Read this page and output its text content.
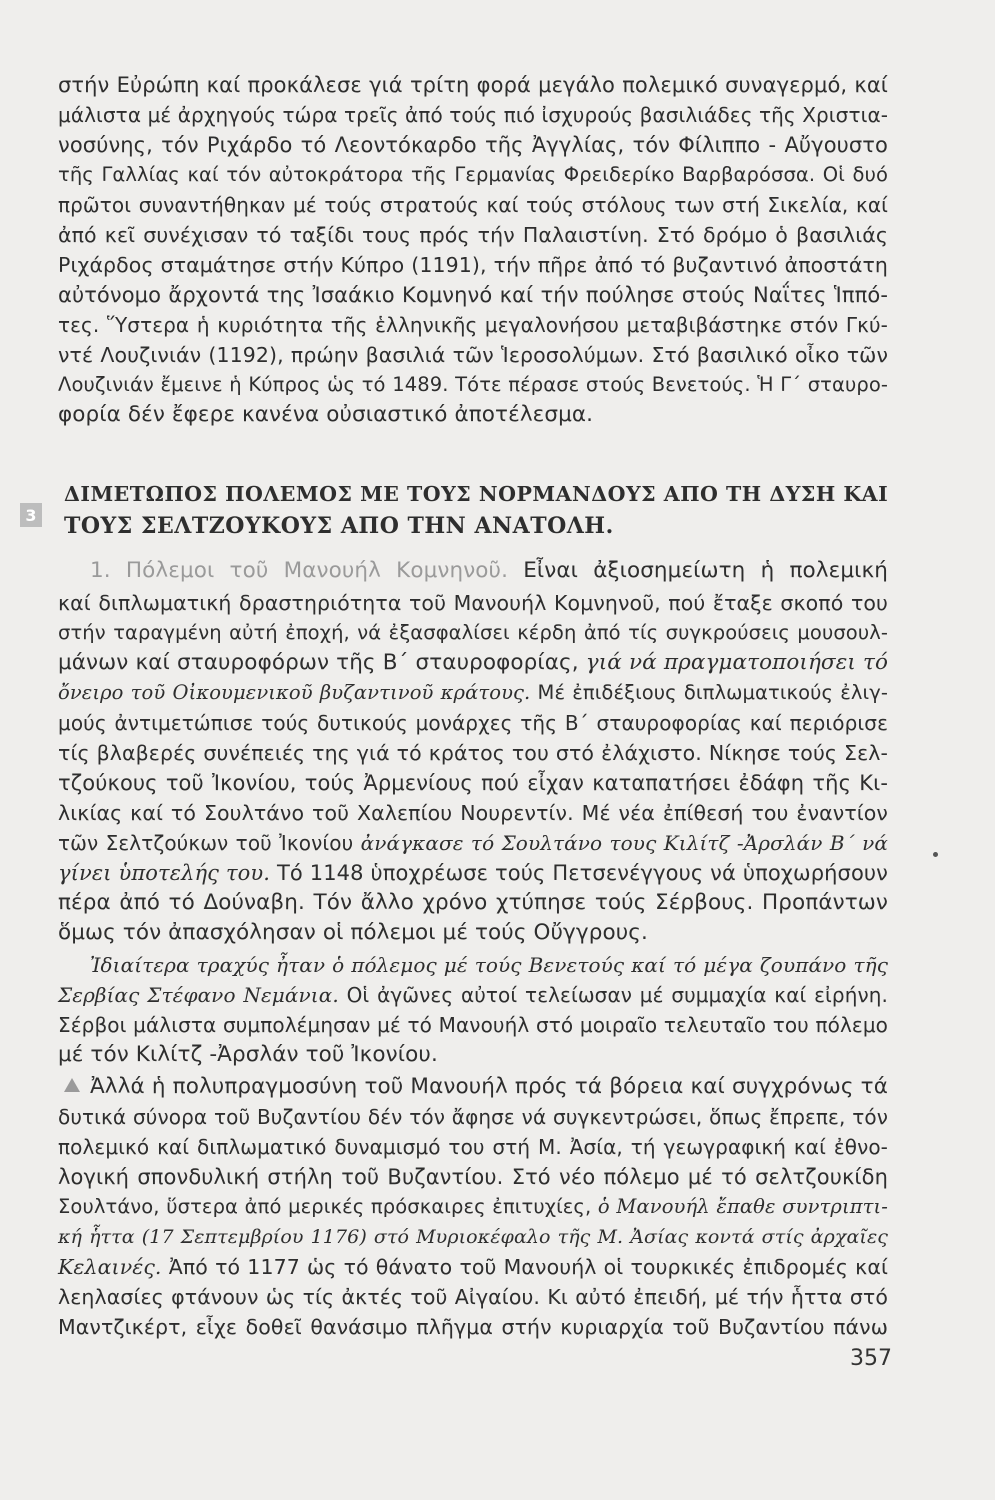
στήν Εὐρώπη καί προκάλεσε γιά τρίτη φορά μεγάλο πολεμικό συναγερμό, καί
μάλιστα μέ ἀρχηγούς τώρα τρεῖς ἀπό τούς πιό ἰσχυρούς βασιλιάδες τῆς Χριστια-
νοσύνης, τόν Ριχάρδο τό Λεοντόκαρδο τῆς Ἀγγλίας, τόν Φίλιππο - Αὔγουστο
τῆς Γαλλίας καί τόν αὐτοκράτορα τῆς Γερμανίας Φρειδερίκο Βαρβαρόσσα. Οἱ δυό
πρῶτοι συναντήθηκαν μέ τούς στρατούς καί τούς στόλους των στή Σικελία, καί
ἀπό κεῖ συνέχισαν τό ταξίδι τους πρός τήν Παλαιστίνη. Στό δρόμο ὁ βασιλιάς
Ριχάρδος σταμάτησε στήν Κύπρο (1191), τήν πῆρε ἀπό τό βυζαντινό ἀποστάτη
αὐτόνομο ἄρχοντά της Ἰσαάκιο Κομνηνό καί τήν πούλησε στούς Ναΐτες Ἱππό-
τες. Ὕστερα ἡ κυριότητα τῆς ἑλληνικῆς μεγαλονήσου μεταβιβάστηκε στόν Γκύ-
ντέ Λουζινιάν (1192), πρώην βασιλιά τῶν Ἱεροσολύμων. Στό βασιλικό οἶκο τῶν
Λουζινιάν ἔμεινε ἡ Κύπρος ὡς τό 1489. Τότε πέρασε στούς Βενετούς. Ἡ Γ΄ σταυρο-
φορία δέν ἔφερε κανένα οὐσιαστικό ἀποτέλεσμα.
3
ΔΙΜΕΤΩΠΟΣ ΠΟΛΕΜΟΣ ΜΕ ΤΟΥΣ ΝΟΡΜΑΝΔΟΥΣ ΑΠΟ ΤΗ ΔΥΣΗ ΚΑΙ
ΤΟΥΣ ΣΕΛΤΖΟΥΚΟΥΣ ΑΠΟ ΤΗΝ ΑΝΑΤΟΛΗ.
1. Πόλεμοι τοῦ Μανουήλ Κομνηνοῦ. Εἶναι ἀξιοσημείωτη ἡ πολεμική
καί διπλωματική δραστηριότητα τοῦ Μανουήλ Κομνηνοῦ, πού ἔταξε σκοπό του
στήν ταραγμένη αὐτή ἐποχή, νά ἐξασφαλίσει κέρδη ἀπό τίς συγκρούσεις μουσουλ-
μάνων καί σταυροφόρων τῆς Β΄ σταυροφορίας, γιά νά πραγματοποιήσει τό
ὄνειρο τοῦ Οἰκουμενικοῦ βυζαντινοῦ κράτους. Μέ ἐπιδέξιους διπλωματικούς ἐλιγ-
μούς ἀντιμετώπισε τούς δυτικούς μονάρχες τῆς Β΄ σταυροφορίας καί περιόρισε
τίς βλαβερές συνέπειές της γιά τό κράτος του στό ἐλάχιστο. Νίκησε τούς Σελ-
τζούκους τοῦ Ἰκονίου, τούς Ἀρμενίους πού εἶχαν καταπατήσει ἐδάφη τῆς Κι-
λικίας καί τό Σουλτάνο τοῦ Χαλεπίου Νουρεντίν. Μέ νέα ἐπίθεσή του ἐναντίον
τῶν Σελτζούκων τοῦ Ἰκονίου ἀνάγκασε τό Σουλτάνο τους Κιλίτζ -Ἀρσλάν Β΄ νά
γίνει ὑποτελής του. Τό 1148 ὑποχρέωσε τούς Πετσενέγγους νά ὑποχωρήσουν
πέρα ἀπό τό Δούναβη. Τόν ἄλλο χρόνο χτύπησε τούς Σέρβους. Προπάντων
ὅμως τόν ἀπασχόλησαν οἱ πόλεμοι μέ τούς Οὔγγρους.
Ἰδιαίτερα τραχύς ἦταν ὁ πόλεμος μέ τούς Βενετούς καί τό μέγα ζουπάνο τῆς
Σερβίας Στέφανο Νεμάνια. Οἱ ἀγῶνες αὐτοί τελείωσαν μέ συμμαχία καί εἰρήνη.
Σέρβοι μάλιστα συμπολέμησαν μέ τό Μανουήλ στό μοιραῖο τελευταῖο του πόλεμο
μέ τόν Κιλίτζ -Ἀρσλάν τοῦ Ἰκονίου.
Ἀλλά ἡ πολυπραγμοσύνη τοῦ Μανουήλ πρός τά βόρεια καί συγχρόνως τά
δυτικά σύνορα τοῦ Βυζαντίου δέν τόν ἄφησε νά συγκεντρώσει, ὅπως ἔπρεπε, τόν
πολεμικό καί διπλωματικό δυναμισμό του στή Μ. Ἀσία, τή γεωγραφική καί ἐθνο-
λογική σπονδυλική στήλη τοῦ Βυζαντίου. Στό νέο πόλεμο μέ τό σελτζουκίδη
Σουλτάνο, ὕστερα ἀπό μερικές πρόσκαιρες ἐπιτυχίες, ὁ Μανουήλ ἔπαθε συντριπτι-
κή ἧττα (17 Σεπτεμβρίου 1176) στό Μυριοκέφαλο τῆς Μ. Ἀσίας κοντά στίς ἀρχαῖες
Κελαινές. Ἀπό τό 1177 ὡς τό θάνατο τοῦ Μανουήλ οἱ τουρκικές ἐπιδρομές καί
λεηλασίες φτάνουν ὡς τίς ἀκτές τοῦ Αἰγαίου. Κι αὐτό ἐπειδή, μέ τήν ἧττα στό
Μαντζικέρτ, εἶχε δοθεῖ θανάσιμο πλῆγμα στήν κυριαρχία τοῦ Βυζαντίου πάνω
357
